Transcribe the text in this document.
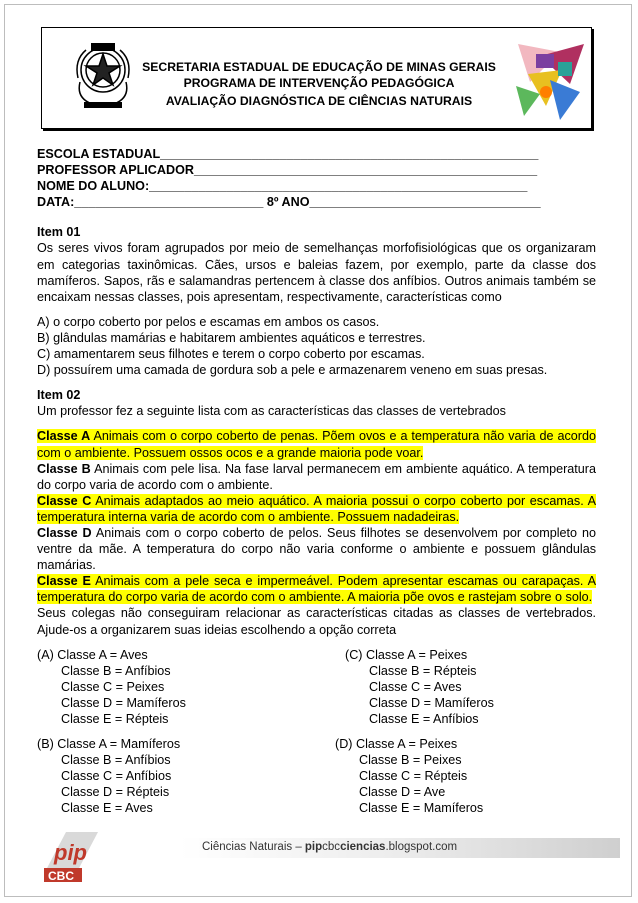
SECRETARIA ESTADUAL DE EDUCAÇÃO DE MINAS GERAIS
PROGRAMA DE INTERVENÇÃO PEDAGÓGICA
AVALIAÇÃO DIAGNÓSTICA DE CIÊNCIAS NATURAIS

ESCOLA ESTADUAL______________________________________________________

PROFESSOR APLICADOR_________________________________________________

NOME DO ALUNO:______________________________________________________

DATA:___________________________ 8º ANO_________________________________

Item 01

Os seres vivos foram agrupados por meio de semelhanças morfofisiológicas que os organizaram em categorias taxinômicas. Cães, ursos e baleias fazem, por exemplo, parte da classe dos mamíferos. Sapos, rãs e salamandras pertencem à classe dos anfíbios. Outros animais também se encaixam nessas classes, pois apresentam, respectivamente, características como

A) o corpo coberto por pelos e escamas em ambos os casos.

B) glândulas mamárias e habitarem ambientes aquáticos e terrestres.

C) amamentarem seus filhotes e terem o corpo coberto por escamas.

D) possuírem uma camada de gordura sob a pele e armazenarem veneno em suas presas.

Item 02

Um professor fez a seguinte lista com as características das classes de vertebrados

Classe A Animais com o corpo coberto de penas. Põem ovos e a temperatura não varia de acordo com o ambiente. Possuem ossos ocos e a grande maioria pode voar.

Classe B Animais com pele lisa. Na fase larval permanecem em ambiente aquático. A temperatura do corpo varia de acordo com o ambiente.

Classe C Animais adaptados ao meio aquático. A maioria possui o corpo coberto por escamas. A temperatura interna varia de acordo com o ambiente. Possuem nadadeiras.

Classe D Animais com o corpo coberto de pelos. Seus filhotes se desenvolvem por completo no ventre da mãe. A temperatura do corpo não varia conforme o ambiente e possuem glândulas mamárias.

Classe E Animais com a pele seca e impermeável. Podem apresentar escamas ou carapaças. A temperatura do corpo varia de acordo com o ambiente. A maioria põe ovos e rastejam sobre o solo.

Seus colegas não conseguiram relacionar as características citadas as classes de vertebrados. Ajude-os a organizarem suas ideias escolhendo a opção correta

(A) Classe A = Aves

Classe B = Anfíbios

Classe C = Peixes

Classe D = Mamíferos

Classe E = Répteis

(C) Classe A = Peixes

Classe B = Répteis

Classe C = Aves

Classe D = Mamíferos

Classe E = Anfíbios

(B) Classe A = Mamíferos

Classe B = Anfíbios

Classe C = Anfíbios

Classe D = Répteis

Classe E = Aves

(D) Classe A = Peixes

Classe B = Peixes

Classe C = Répteis

Classe D = Ave

Classe E = Mamíferos

Ciências Naturais – pipcbcciencias.blogspot.com
pip
CBC
